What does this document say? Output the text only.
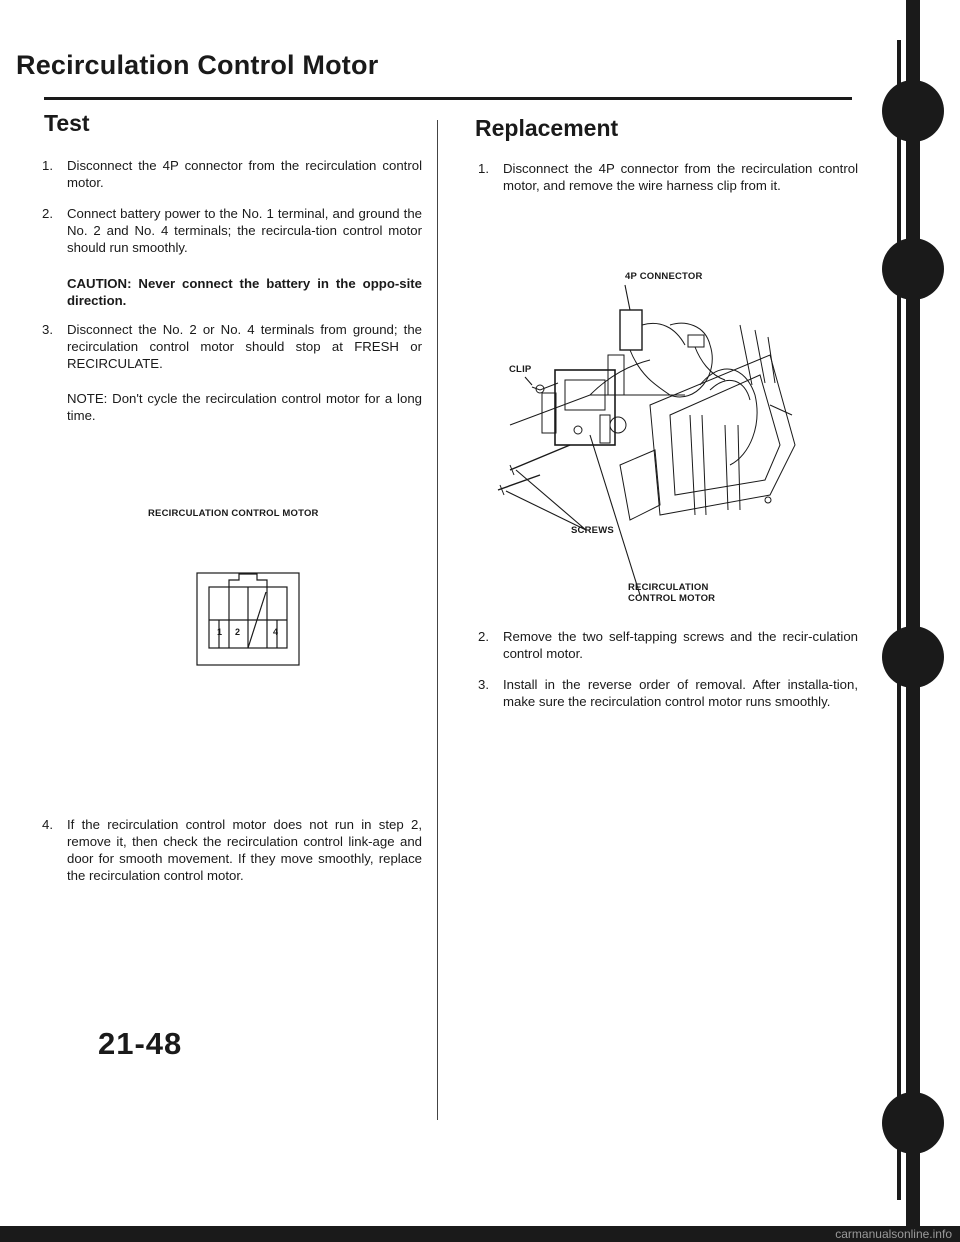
Recirculation Control Motor
Test
1. Disconnect the 4P connector from the recirculation control motor.
2. Connect battery power to the No. 1 terminal, and ground the No. 2 and No. 4 terminals; the recircula-tion control motor should run smoothly.
CAUTION: Never connect the battery in the oppo-site direction.
3. Disconnect the No. 2 or No. 4 terminals from ground; the recirculation control motor should stop at FRESH or RECIRCULATE.
NOTE: Don't cycle the recirculation control motor for a long time.
RECIRCULATION CONTROL MOTOR
1 2	4
4. If the recirculation control motor does not run in step 2, remove it, then check the recirculation control link-age and door for smooth movement. If they move smoothly, replace the recirculation control motor.
Replacement
1. Disconnect the 4P connector from the recirculation control motor, and remove the wire harness clip from it.
4P CONNECTOR
CLIP
SCREWS
RECIRCULATION
CONTROL MOTOR
2. Remove the two self-tapping screws and the recir-culation control motor.
3. Install in the reverse order of removal. After installa-tion, make sure the recirculation control motor runs smoothly.
21-48
carmanualsonline.info
